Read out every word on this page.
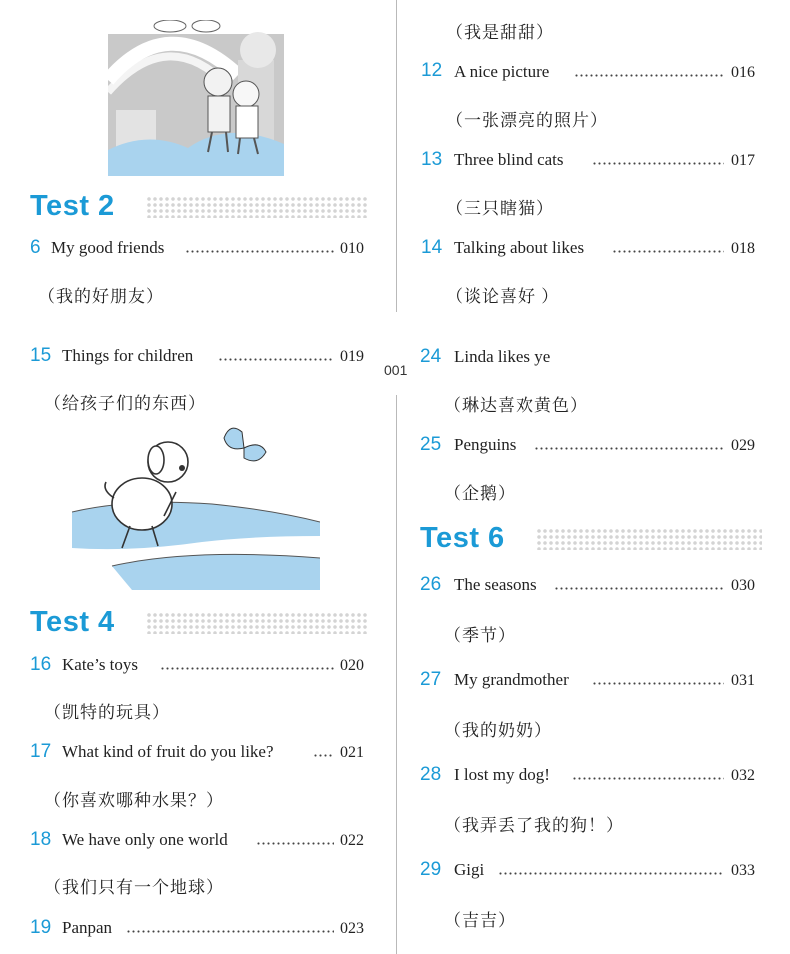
001
Test 2
6 My good friends	010
（我的好朋友）
（我是甜甜）
12 A nice picture	016
（一张漂亮的照片）
13 Three blind cats	017
（三只瞎猫）
14 Talking about likes	018
（谈论喜好 ）
15 Things for children	019
（给孩子们的东西）
Test 4
16 Kate’s toys	020
（凯特的玩具）
17 What kind of fruit do you like?	021
（你喜欢哪种水果？）
18 We have only one world	022
（我们只有一个地球）
19 Panpan	023
24 Linda likes ye
（琳达喜欢黄色）
25 Penguins	029
（企鹅）
Test 6
26 The seasons	030
（季节）
27 My grandmother	031
（我的奶奶）
28 I lost my dog!	032
（我弄丢了我的狗！）
29 Gigi	033
（吉吉）
